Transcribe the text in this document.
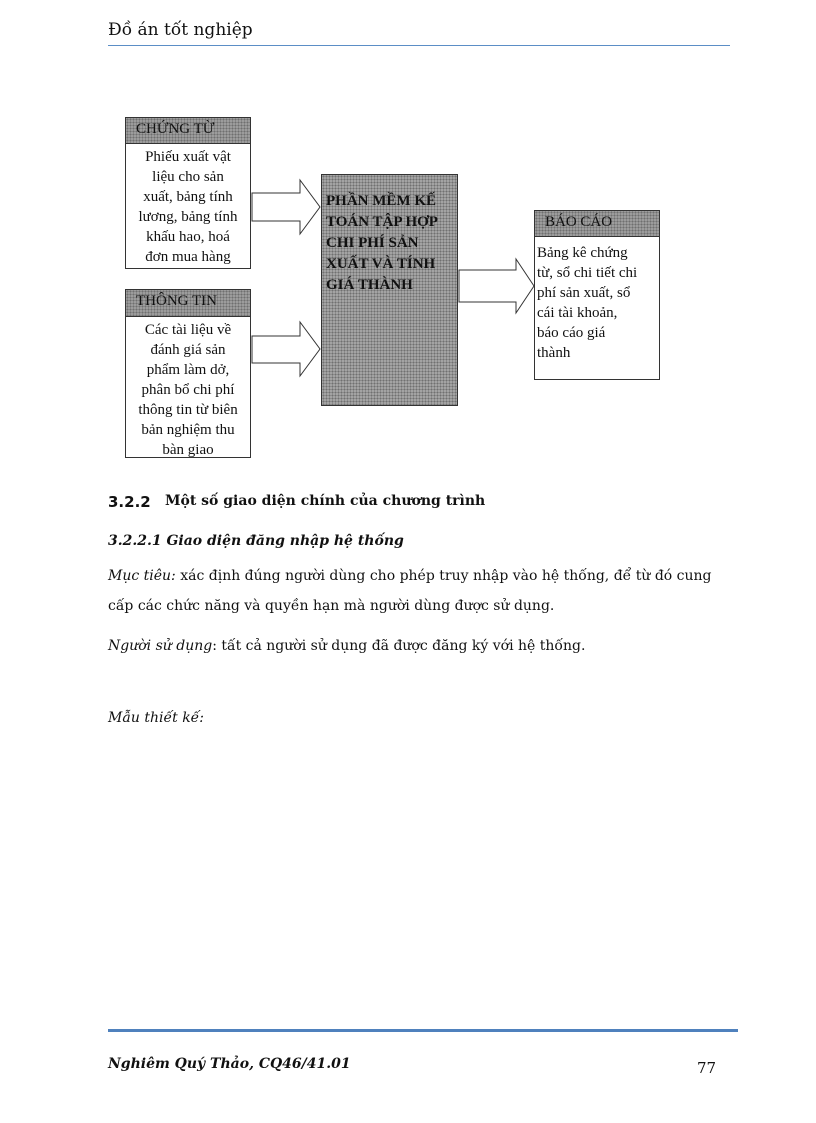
Đồ án tốt nghiệp
CHỨNG TỪ
Phiếu xuất vật
liệu cho sản
xuất, bảng tính
lương, bảng tính
khấu hao, hoá
đơn mua hàng
THÔNG TIN
Các tài liệu về
đánh giá sản
phẩm làm dở,
phân bổ chi phí
thông tin từ biên
bản nghiệm thu
bàn giao
PHẦN MỀM KẾ
TOÁN TẬP HỢP
CHI PHÍ SẢN
XUẤT VÀ TÍNH
GIÁ THÀNH
BÁO CÁO
Bảng kê chứng
từ, sổ chi tiết chi
phí sản xuất, sổ
cái tài khoản,
báo cáo giá
thành
3.2.2 Một số giao diện chính của chương trình
3.2.2.1 Giao diện đăng nhập hệ thống
Mục tiêu: xác định đúng người dùng cho phép truy nhập vào hệ thống, để từ đó cung cấp các chức năng và quyền hạn mà người dùng được sử dụng.
Người sử dụng: tất cả người sử dụng đã được đăng ký với hệ thống.
Mẫu thiết kế:
Nghiêm Quý Thảo, CQ46/41.01	77
